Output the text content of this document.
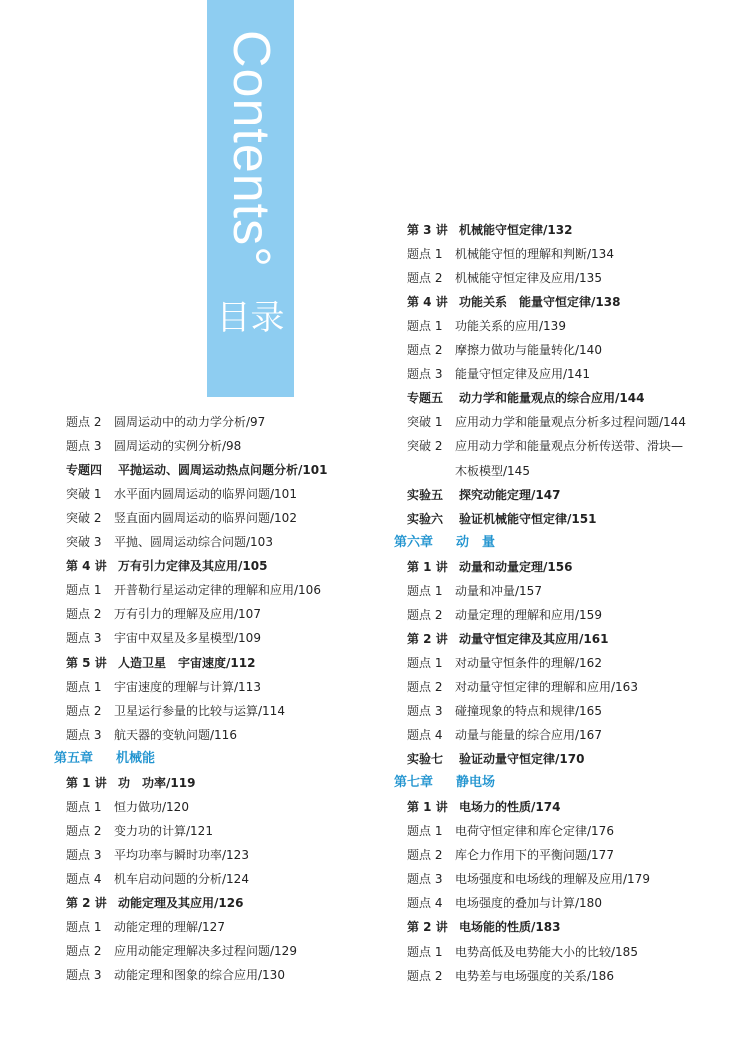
Contents°
目录
题点 2 圆周运动中的动力学分析/97
题点 3 圆周运动的实例分析/98
专题四 平抛运动、圆周运动热点问题分析/101
突破 1 水平面内圆周运动的临界问题/101
突破 2 竖直面内圆周运动的临界问题/102
突破 3 平抛、圆周运动综合问题/103
第 4 讲 万有引力定律及其应用/105
题点 1 开普勒行星运动定律的理解和应用/106
题点 2 万有引力的理解及应用/107
题点 3 宇宙中双星及多星模型/109
第 5 讲 人造卫星　宇宙速度/112
题点 1 宇宙速度的理解与计算/113
题点 2 卫星运行参量的比较与运算/114
题点 3 航天器的变轨问题/116
第五章 机械能
第 1 讲 功　功率/119
题点 1 恒力做功/120
题点 2 变力功的计算/121
题点 3 平均功率与瞬时功率/123
题点 4 机车启动问题的分析/124
第 2 讲 动能定理及其应用/126
题点 1 动能定理的理解/127
题点 2 应用动能定理解决多过程问题/129
题点 3 动能定理和图象的综合应用/130
第 3 讲 机械能守恒定律/132
题点 1 机械能守恒的理解和判断/134
题点 2 机械能守恒定律及应用/135
第 4 讲 功能关系　能量守恒定律/138
题点 1 功能关系的应用/139
题点 2 摩擦力做功与能量转化/140
题点 3 能量守恒定律及应用/141
专题五 动力学和能量观点的综合应用/144
突破 1 应用动力学和能量观点分析多过程问题/144
突破 2 应用动力学和能量观点分析传送带、滑块—
木板模型/145
实验五 探究动能定理/147
实验六 验证机械能守恒定律/151
第六章 动　量
第 1 讲 动量和动量定理/156
题点 1 动量和冲量/157
题点 2 动量定理的理解和应用/159
第 2 讲 动量守恒定律及其应用/161
题点 1 对动量守恒条件的理解/162
题点 2 对动量守恒定律的理解和应用/163
题点 3 碰撞现象的特点和规律/165
题点 4 动量与能量的综合应用/167
实验七 验证动量守恒定律/170
第七章 静电场
第 1 讲 电场力的性质/174
题点 1 电荷守恒定律和库仑定律/176
题点 2 库仑力作用下的平衡问题/177
题点 3 电场强度和电场线的理解及应用/179
题点 4 电场强度的叠加与计算/180
第 2 讲 电场能的性质/183
题点 1 电势高低及电势能大小的比较/185
题点 2 电势差与电场强度的关系/186
